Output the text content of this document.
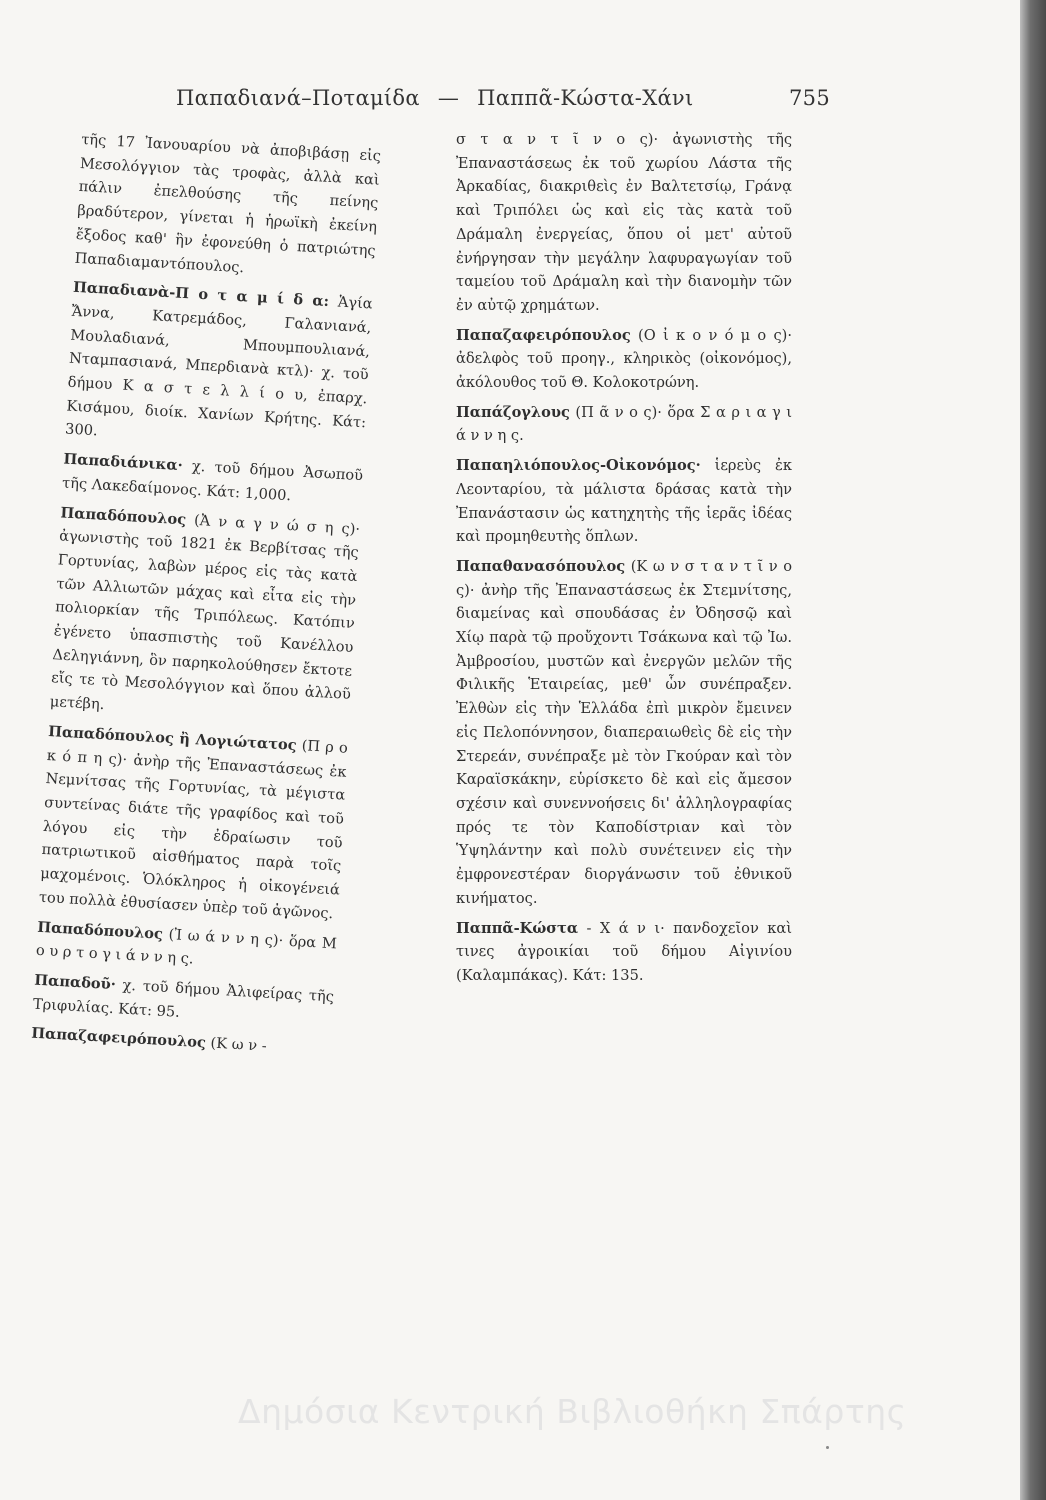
Παπαδιανά–Ποταμίδα — Παππᾶ-Κώστα-Χάνι	755

τῆς 17 Ἰανουαρίου νὰ ἀποβιβάσῃ εἰς Μεσολόγγιον τὰς τροφὰς, ἀλλὰ καὶ πάλιν ἐπελθούσης τῆς πείνης βραδύτερον, γίνεται ἡ ἡρωϊκὴ ἐκείνη ἔξοδος καθ' ἣν ἐφονεύθη ὁ πατριώτης Παπαδιαμαντόπουλος.

Παπαδιανὰ-Π ο τ α μ ί δ α: Ἁγία Ἄννα, Κατρεμάδος, Γαλανιανά, Μουλαδιανά, Μπουμπουλιανά, Νταμπασιανά, Μπερδιανὰ κτλ)· χ. τοῦ δήμου Κ α σ τ ε λ λ ί ο υ, ἐπαρχ. Κισάμου, διοίκ. Χανίων Κρήτης. Κάτ: 300.

Παπαδιάνικα· χ. τοῦ δήμου Ἀσωποῦ τῆς Λακεδαίμονος. Κάτ: 1,000.

Παπαδόπουλος (Ἀ ν α γ ν ώ σ η ς)· ἀγωνιστὴς τοῦ 1821 ἐκ Βερβίτσας τῆς Γορτυνίας, λαβὼν μέρος εἰς τὰς κατὰ τῶν Αλλιωτῶν μάχας καὶ εἶτα εἰς τὴν πολιορκίαν τῆς Τριπόλεως. Κατόπιν ἐγένετο ὑπασπιστὴς τοῦ Κανέλλου Δεληγιάννη, ὃν παρηκολούθησεν ἔκτοτε εἴς τε τὸ Μεσολόγγιον καὶ ὅπου ἀλλοῦ μετέβη.

Παπαδόπουλος ἢ Λογιώτατος (Π ρ ο κ ό π η ς)· ἀνὴρ τῆς Ἐπαναστάσεως ἐκ Νεμνίτσας τῆς Γορτυνίας, τὰ μέγιστα συντείνας διάτε τῆς γραφίδος καὶ τοῦ λόγου εἰς τὴν ἐδραίωσιν τοῦ πατριωτικοῦ αἰσθήματος παρὰ τοῖς μαχομένοις. Ὁλόκληρος ἡ οἰκογένειά του πολλὰ ἐθυσίασεν ὑπὲρ τοῦ ἀγῶνος.

Παπαδόπουλος (Ἰ ω ά ν ν η ς)· ὅρα Μ ο υ ρ τ ο γ ι ά ν ν η ς.

Παπαδοῦ· χ. τοῦ δήμου Ἀλιφείρας τῆς Τριφυλίας. Κάτ: 95.

Παπαζαφειρόπουλος (Κ ω ν -

σ τ α ν τ ῖ ν ο ς)· ἀγωνιστὴς τῆς Ἐπαναστάσεως ἐκ τοῦ χωρίου Λάστα τῆς Ἀρκαδίας, διακριθεὶς ἐν Βαλτετσίῳ, Γράνᾳ καὶ Τριπόλει ὡς καὶ εἰς τὰς κατὰ τοῦ Δράμαλη ἐνεργείας, ὅπου οἱ μετ' αὐτοῦ ἐνήργησαν τὴν μεγάλην λαφυραγωγίαν τοῦ ταμείου τοῦ Δράμαλη καὶ τὴν διανομὴν τῶν ἐν αὐτῷ χρημάτων.

Παπαζαφειρόπουλος (Ο ἰ κ ο ν ό μ ο ς)· ἀδελφὸς τοῦ προηγ., κληρικὸς (οἰκονόμος), ἀκόλουθος τοῦ Θ. Κολοκοτρώνη.

Παπάζογλους (Π ᾶ ν ο ς)· ὅρα Σ α ρ ι α γ ι ά ν ν η ς.

Παπαηλιόπουλος-Οἰκονόμος· ἱερεὺς ἐκ Λεονταρίου, τὰ μάλιστα δράσας κατὰ τὴν Ἐπανάστασιν ὡς κατηχητὴς τῆς ἱερᾶς ἰδέας καὶ προμηθευτὴς ὅπλων.

Παπαθανασόπουλος (Κ ω ν σ τ α ν τ ῖ ν ο ς)· ἀνὴρ τῆς Ἐπαναστάσεως ἐκ Στεμνίτσης, διαμείνας καὶ σπουδάσας ἐν Ὀδησσῷ καὶ Χίῳ παρὰ τῷ προὔχοντι Τσάκωνα καὶ τῷ Ἰω. Ἀμβροσίου, μυστῶν καὶ ἐνεργῶν μελῶν τῆς Φιλικῆς Ἑταιρείας, μεθ' ὧν συνέπραξεν. Ἐλθὼν εἰς τὴν Ἑλλάδα ἐπὶ μικρὸν ἔμεινεν εἰς Πελοπόννησον, διαπεραιωθεὶς δὲ εἰς τὴν Στερεάν, συνέπραξε μὲ τὸν Γκούραν καὶ τὸν Καραϊσκάκην, εὑρίσκετο δὲ καὶ εἰς ἄμεσον σχέσιν καὶ συνεννοήσεις δι' ἀλληλογραφίας πρός τε τὸν Καποδίστριαν καὶ τὸν Ὑψηλάντην καὶ πολὺ συνέτεινεν εἰς τὴν ἐμφρονεστέραν διοργάνωσιν τοῦ ἐθνικοῦ κινήματος.

Παππᾶ-Κώστα - Χ ά ν ι· πανδοχεῖον καὶ τινες ἀγροικίαι τοῦ δήμου Αἰγινίου (Καλαμπάκας). Κάτ: 135.

Δημόσια Κεντρική Βιβλιοθήκη Σπάρτης
